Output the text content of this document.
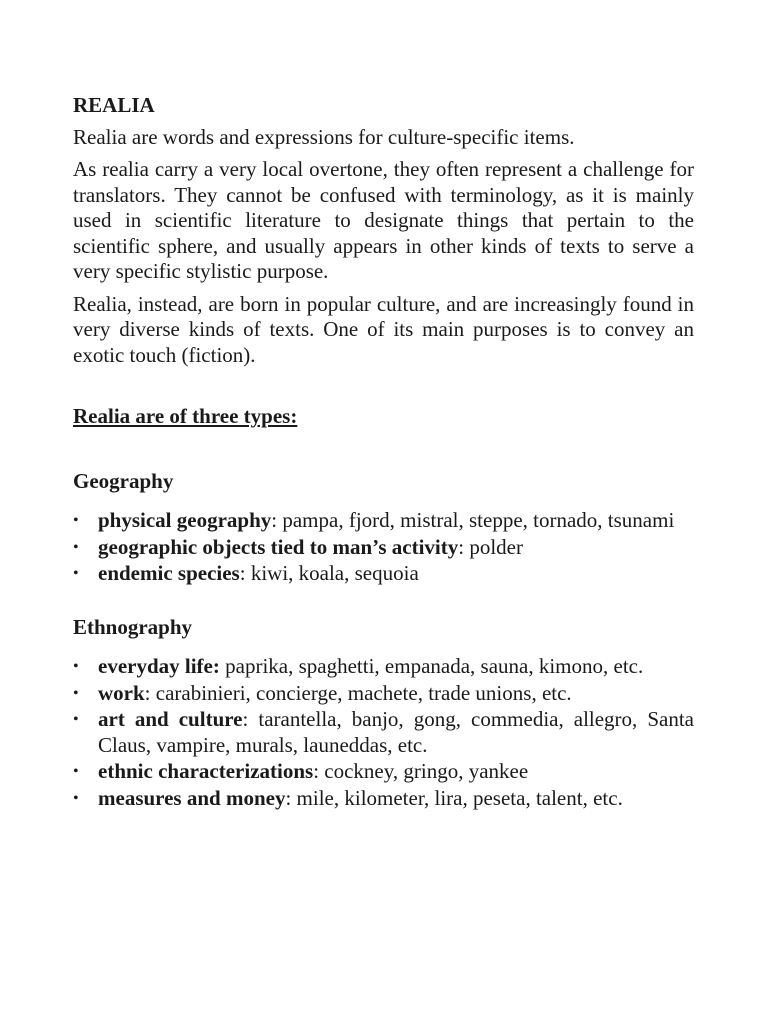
REALIA

Realia are words and expressions for culture-specific items.

As realia carry a very local overtone, they often represent a challenge for translators. They cannot be confused with terminology, as it is mainly used in scientific literature to designate things that pertain to the scientific sphere, and usually appears in other kinds of texts to serve a very specific stylistic purpose.

Realia, instead, are born in popular culture, and are increasingly found in very diverse kinds of texts. One of its main purposes is to convey an exotic touch (fiction).

Realia are of three types:
Geography
• physical geography: pampa, fjord, mistral, steppe, tornado, tsunami
• geographic objects tied to man’s activity: polder
• endemic species: kiwi, koala, sequoia
Ethnography
• everyday life: paprika, spaghetti, empanada, sauna, kimono, etc.
• work: carabinieri, concierge, machete, trade unions, etc.
• art and culture: tarantella, banjo, gong, commedia, allegro, Santa Claus, vampire, murals, launeddas, etc.
• ethnic characterizations: cockney, gringo, yankee
• measures and money: mile, kilometer, lira, peseta, talent, etc.
